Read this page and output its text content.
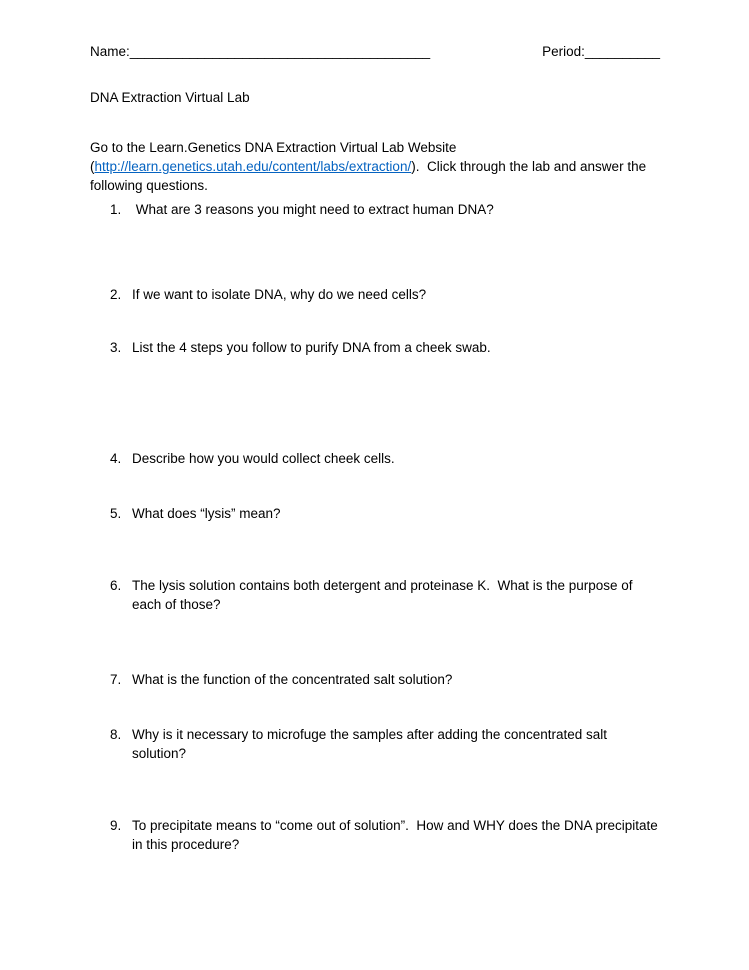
Name:________________________________________	Period:__________
DNA Extraction Virtual Lab

Go to the Learn.Genetics DNA Extraction Virtual Lab Website (http://learn.genetics.utah.edu/content/labs/extraction/).  Click through the lab and answer the following questions.

1. What are 3 reasons you might need to extract human DNA?
2. If we want to isolate DNA, why do we need cells?
3. List the 4 steps you follow to purify DNA from a cheek swab.
4. Describe how you would collect cheek cells.
5. What does “lysis” mean?
6. The lysis solution contains both detergent and proteinase K.  What is the purpose of each of those?
7. What is the function of the concentrated salt solution?
8. Why is it necessary to microfuge the samples after adding the concentrated salt solution?
9. To precipitate means to “come out of solution”.  How and WHY does the DNA precipitate in this procedure?
